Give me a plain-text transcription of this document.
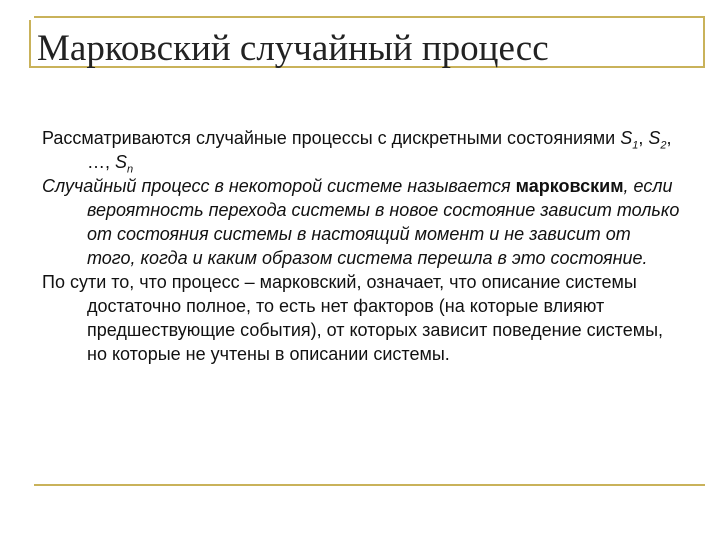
Марковский случайный процесс

Рассматриваются случайные процессы с дискретными состояниями $S_1$, $S_2$, …, $S_n$

Случайный процесс в некоторой системе называется марковским, если вероятность перехода системы в новое состояние зависит только от состояния системы в настоящий момент и не зависит от того, когда и каким образом система перешла в это состояние.

По сути то, что процесс – марковский, означает, что описание системы достаточно полное, то есть нет факторов (на которые влияют предшествующие события), от которых зависит поведение системы, но которые не учтены в описании системы.
